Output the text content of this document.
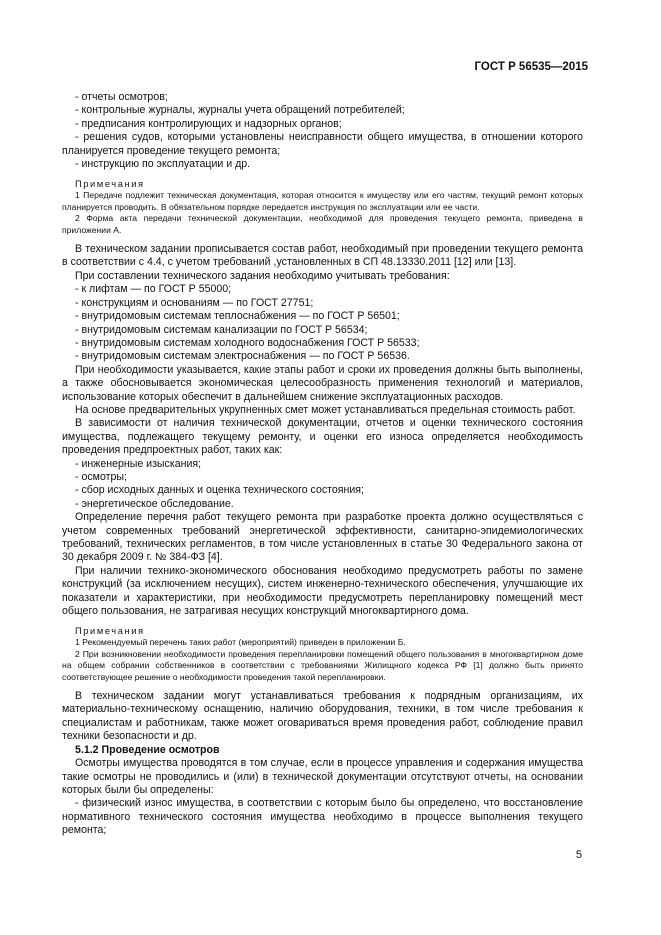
ГОСТ Р 56535—2015

- отчеты осмотров;

- контрольные журналы, журналы учета обращений потребителей;

- предписания контролирующих и надзорных органов;

- решения судов, которыми установлены неисправности общего имущества, в отношении которого планируется проведение текущего ремонта;

- инструкцию по эксплуатации и др.

Примечания

1 Передаче подлежит техническая документация, которая относится к имуществу или его частям, текущий ремонт которых планируется проводить. В обязательном порядке передается инструкция по эксплуатации или ее части.

2 Форма акта передачи технической документации, необходимой для проведения текущего ремонта, приведена в приложении А.

В техническом задании прописывается состав работ, необходимый при проведении текущего ремонта в соответствии с 4.4, с учетом требований ,установленных в СП 48.13330.2011 [12] или [13].

При составлении технического задания необходимо учитывать требования:

- к лифтам — по ГОСТ Р 55000;

- конструкциям и основаниям — по ГОСТ 27751;

- внутридомовым системам теплоснабжения — по ГОСТ Р 56501;

- внутридомовым системам канализации по ГОСТ Р 56534;

- внутридомовым системам холодного водоснабжения ГОСТ Р 56533;

- внутридомовым системам электроснабжения — по ГОСТ Р 56536.

При необходимости указывается, какие этапы работ и сроки их проведения должны быть выполнены, а также обосновывается экономическая целесообразность применения технологий и материалов, использование которых обеспечит в дальнейшем снижение эксплуатационных расходов.

На основе предварительных укрупненных смет может устанавливаться предельная стоимость работ.

В зависимости от наличия технической документации, отчетов и оценки технического состояния имущества, подлежащего текущему ремонту, и оценки его износа определяется необходимость проведения предпроектных работ, таких как:

- инженерные изыскания;

- осмотры;

- сбор исходных данных и оценка технического состояния;

- энергетическое обследование.

Определение перечня работ текущего ремонта при разработке проекта должно осуществляться с учетом современных требований энергетической эффективности, санитарно-эпидемиологических требований, технических регламентов, в том числе установленных в статье 30 Федерального закона от 30 декабря 2009 г. № 384-ФЗ [4].

При наличии технико-экономического обоснования необходимо предусмотреть работы по замене конструкций (за исключением несущих), систем инженерно-технического обеспечения, улучшающие их показатели и характеристики, при необходимости предусмотреть перепланировку помещений мест общего пользования, не затрагивая несущих конструкций многоквартирного дома.

Примечания

1 Рекомендуемый перечень таких работ (мероприятий) приведен в приложении Б.

2 При возникновении необходимости проведения перепланировки помещений общего пользования в многоквартирном доме на общем собрании собственников в соответствии с требованиями Жилищного кодекса РФ [1] должно быть принято соответствующее решение о необходимости проведения такой перепланировки.

В техническом задании могут устанавливаться требования к подрядным организациям, их материально-техническому оснащению, наличию оборудования, техники, в том числе требования к специалистам и работникам, также может оговариваться время проведения работ, соблюдение правил техники безопасности и др.

5.1.2 Проведение осмотров

Осмотры имущества проводятся в том случае, если в процессе управления и содержания имущества такие осмотры не проводились и (или) в технической документации отсутствуют отчеты, на основании которых были бы определены:

- физический износ имущества, в соответствии с которым было бы определено, что восстановление нормативного технического состояния имущества необходимо в процессе выполнения текущего ремонта;

5
